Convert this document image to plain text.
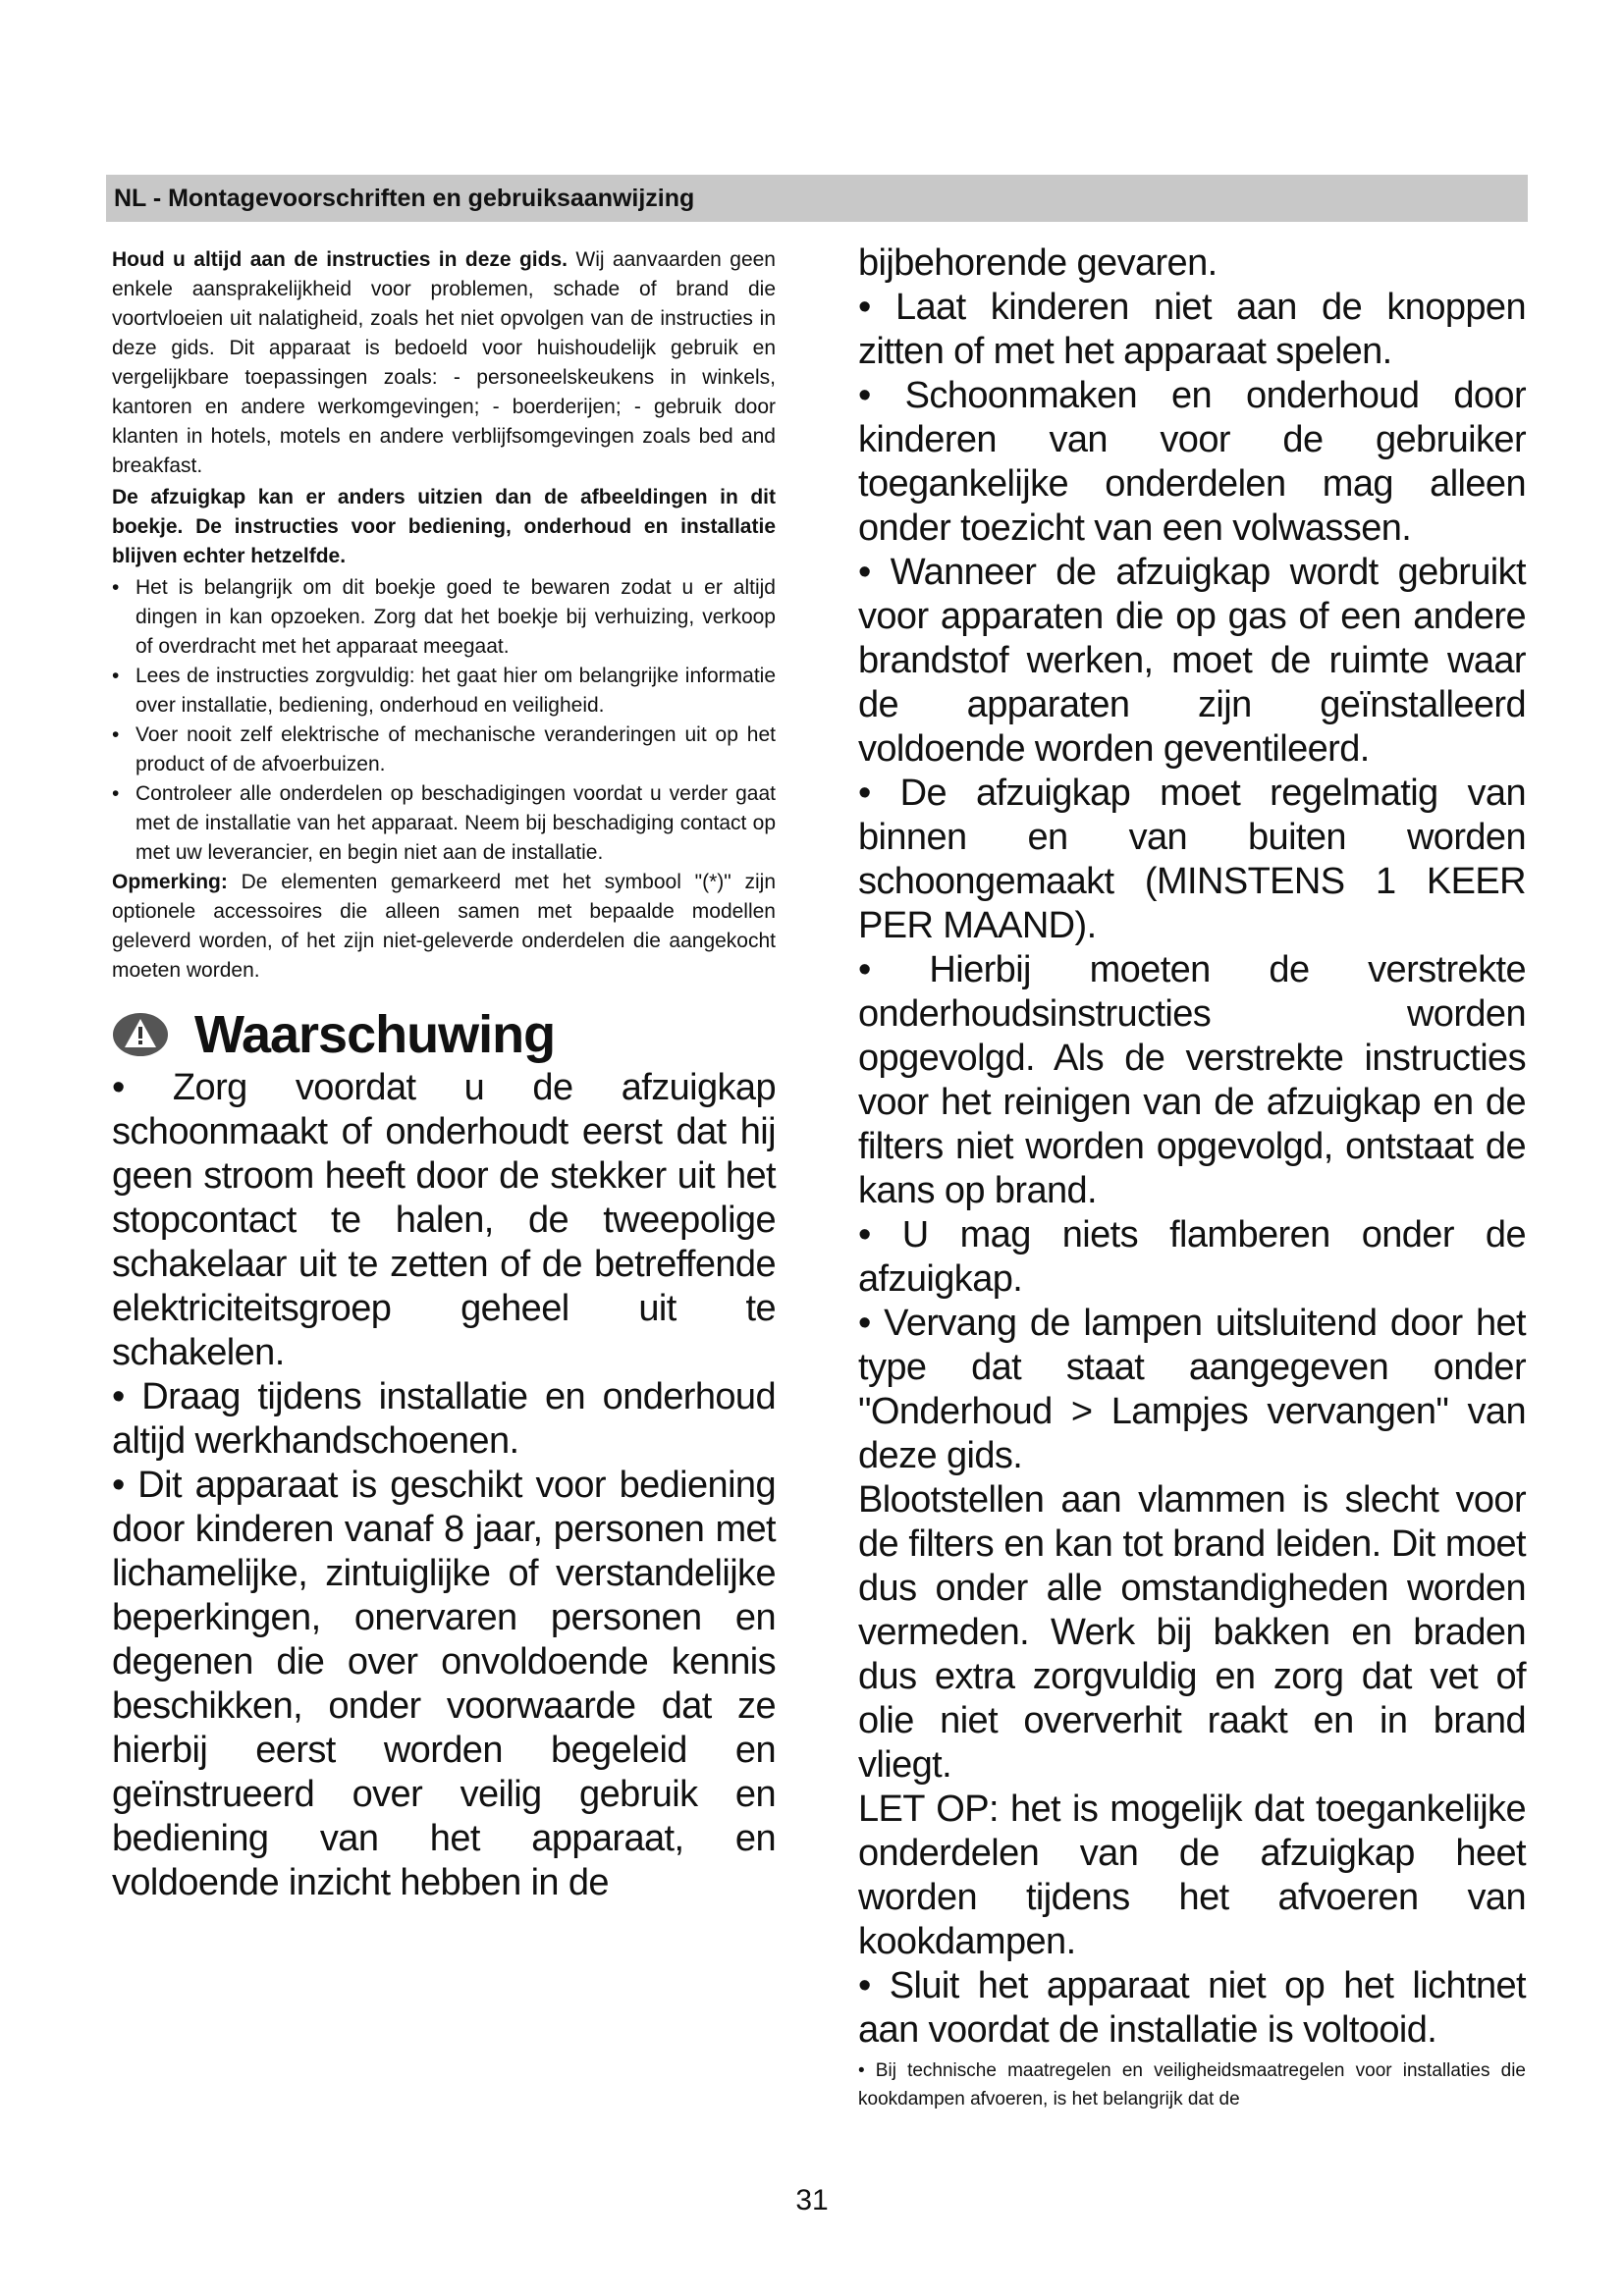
NL - Montagevoorschriften en gebruiksaanwijzing

Houd u altijd aan de instructies in deze gids. Wij aanvaarden geen enkele aansprakelijkheid voor problemen, schade of brand die voortvloeien uit nalatigheid, zoals het niet opvolgen van de instructies in deze gids. Dit apparaat is bedoeld voor huishoudelijk gebruik en vergelijkbare toepassingen zoals: - personeelskeukens in winkels, kantoren en andere werkomgevingen; - boerderijen; - gebruik door klanten in hotels, motels en andere verblijfsomgevingen zoals bed and breakfast.

De afzuigkap kan er anders uitzien dan de afbeeldingen in dit boekje. De instructies voor bediening, onderhoud en installatie blijven echter hetzelfde.

• Het is belangrijk om dit boekje goed te bewaren zodat u er altijd dingen in kan opzoeken. Zorg dat het boekje bij verhuizing, verkoop of overdracht met het apparaat meegaat.
• Lees de instructies zorgvuldig: het gaat hier om belangrijke informatie over installatie, bediening, onderhoud en veiligheid.
• Voer nooit zelf elektrische of mechanische veranderingen uit op het product of de afvoerbuizen.
• Controleer alle onderdelen op beschadigingen voordat u verder gaat met de installatie van het apparaat. Neem bij beschadiging contact op met uw leverancier, en begin niet aan de installatie.

Opmerking: De elementen gemarkeerd met het symbool "(*)" zijn optionele accessoires die alleen samen met bepaalde modellen geleverd worden, of het zijn niet-geleverde onderdelen die aangekocht moeten worden.

Waarschuwing

• Zorg voordat u de afzuigkap schoonmaakt of onderhoudt eerst dat hij geen stroom heeft door de stekker uit het stopcontact te halen, de tweepolige schakelaar uit te zetten of de betreffende elektriciteitsgroep geheel uit te schakelen.

• Draag tijdens installatie en onderhoud altijd werkhandschoenen.

• Dit apparaat is geschikt voor bediening door kinderen vanaf 8 jaar, personen met lichamelijke, zintuiglijke of verstandelijke beperkingen, onervaren personen en degenen die over onvoldoende kennis beschikken, onder voorwaarde dat ze hierbij eerst worden begeleid en geïnstrueerd over veilig gebruik en bediening van het apparaat, en voldoende inzicht hebben in de

bijbehorende gevaren.

• Laat kinderen niet aan de knoppen zitten of met het apparaat spelen.

• Schoonmaken en onderhoud door kinderen van voor de gebruiker toegankelijke onderdelen mag alleen onder toezicht van een volwassen.

• Wanneer de afzuigkap wordt gebruikt voor apparaten die op gas of een andere brandstof werken, moet de ruimte waar de apparaten zijn geïnstalleerd voldoende worden geventileerd.

• De afzuigkap moet regelmatig van binnen en van buiten worden schoongemaakt (MINSTENS 1 KEER PER MAAND).

• Hierbij moeten de verstrekte onderhoudsinstructies worden opgevolgd. Als de verstrekte instructies voor het reinigen van de afzuigkap en de filters niet worden opgevolgd, ontstaat de kans op brand.

• U mag niets flamberen onder de afzuigkap.

• Vervang de lampen uitsluitend door het type dat staat aangegeven onder "Onderhoud > Lampjes vervangen" van deze gids.

Blootstellen aan vlammen is slecht voor de filters en kan tot brand leiden. Dit moet dus onder alle omstandigheden worden vermeden. Werk bij bakken en braden dus extra zorgvuldig en zorg dat vet of olie niet oververhit raakt en in brand vliegt.

LET OP: het is mogelijk dat toegankelijke onderdelen van de afzuigkap heet worden tijdens het afvoeren van kookdampen.

• Sluit het apparaat niet op het lichtnet aan voordat de installatie is voltooid.

• Bij technische maatregelen en veiligheidsmaatregelen voor installaties die kookdampen afvoeren, is het belangrijk dat de

31
